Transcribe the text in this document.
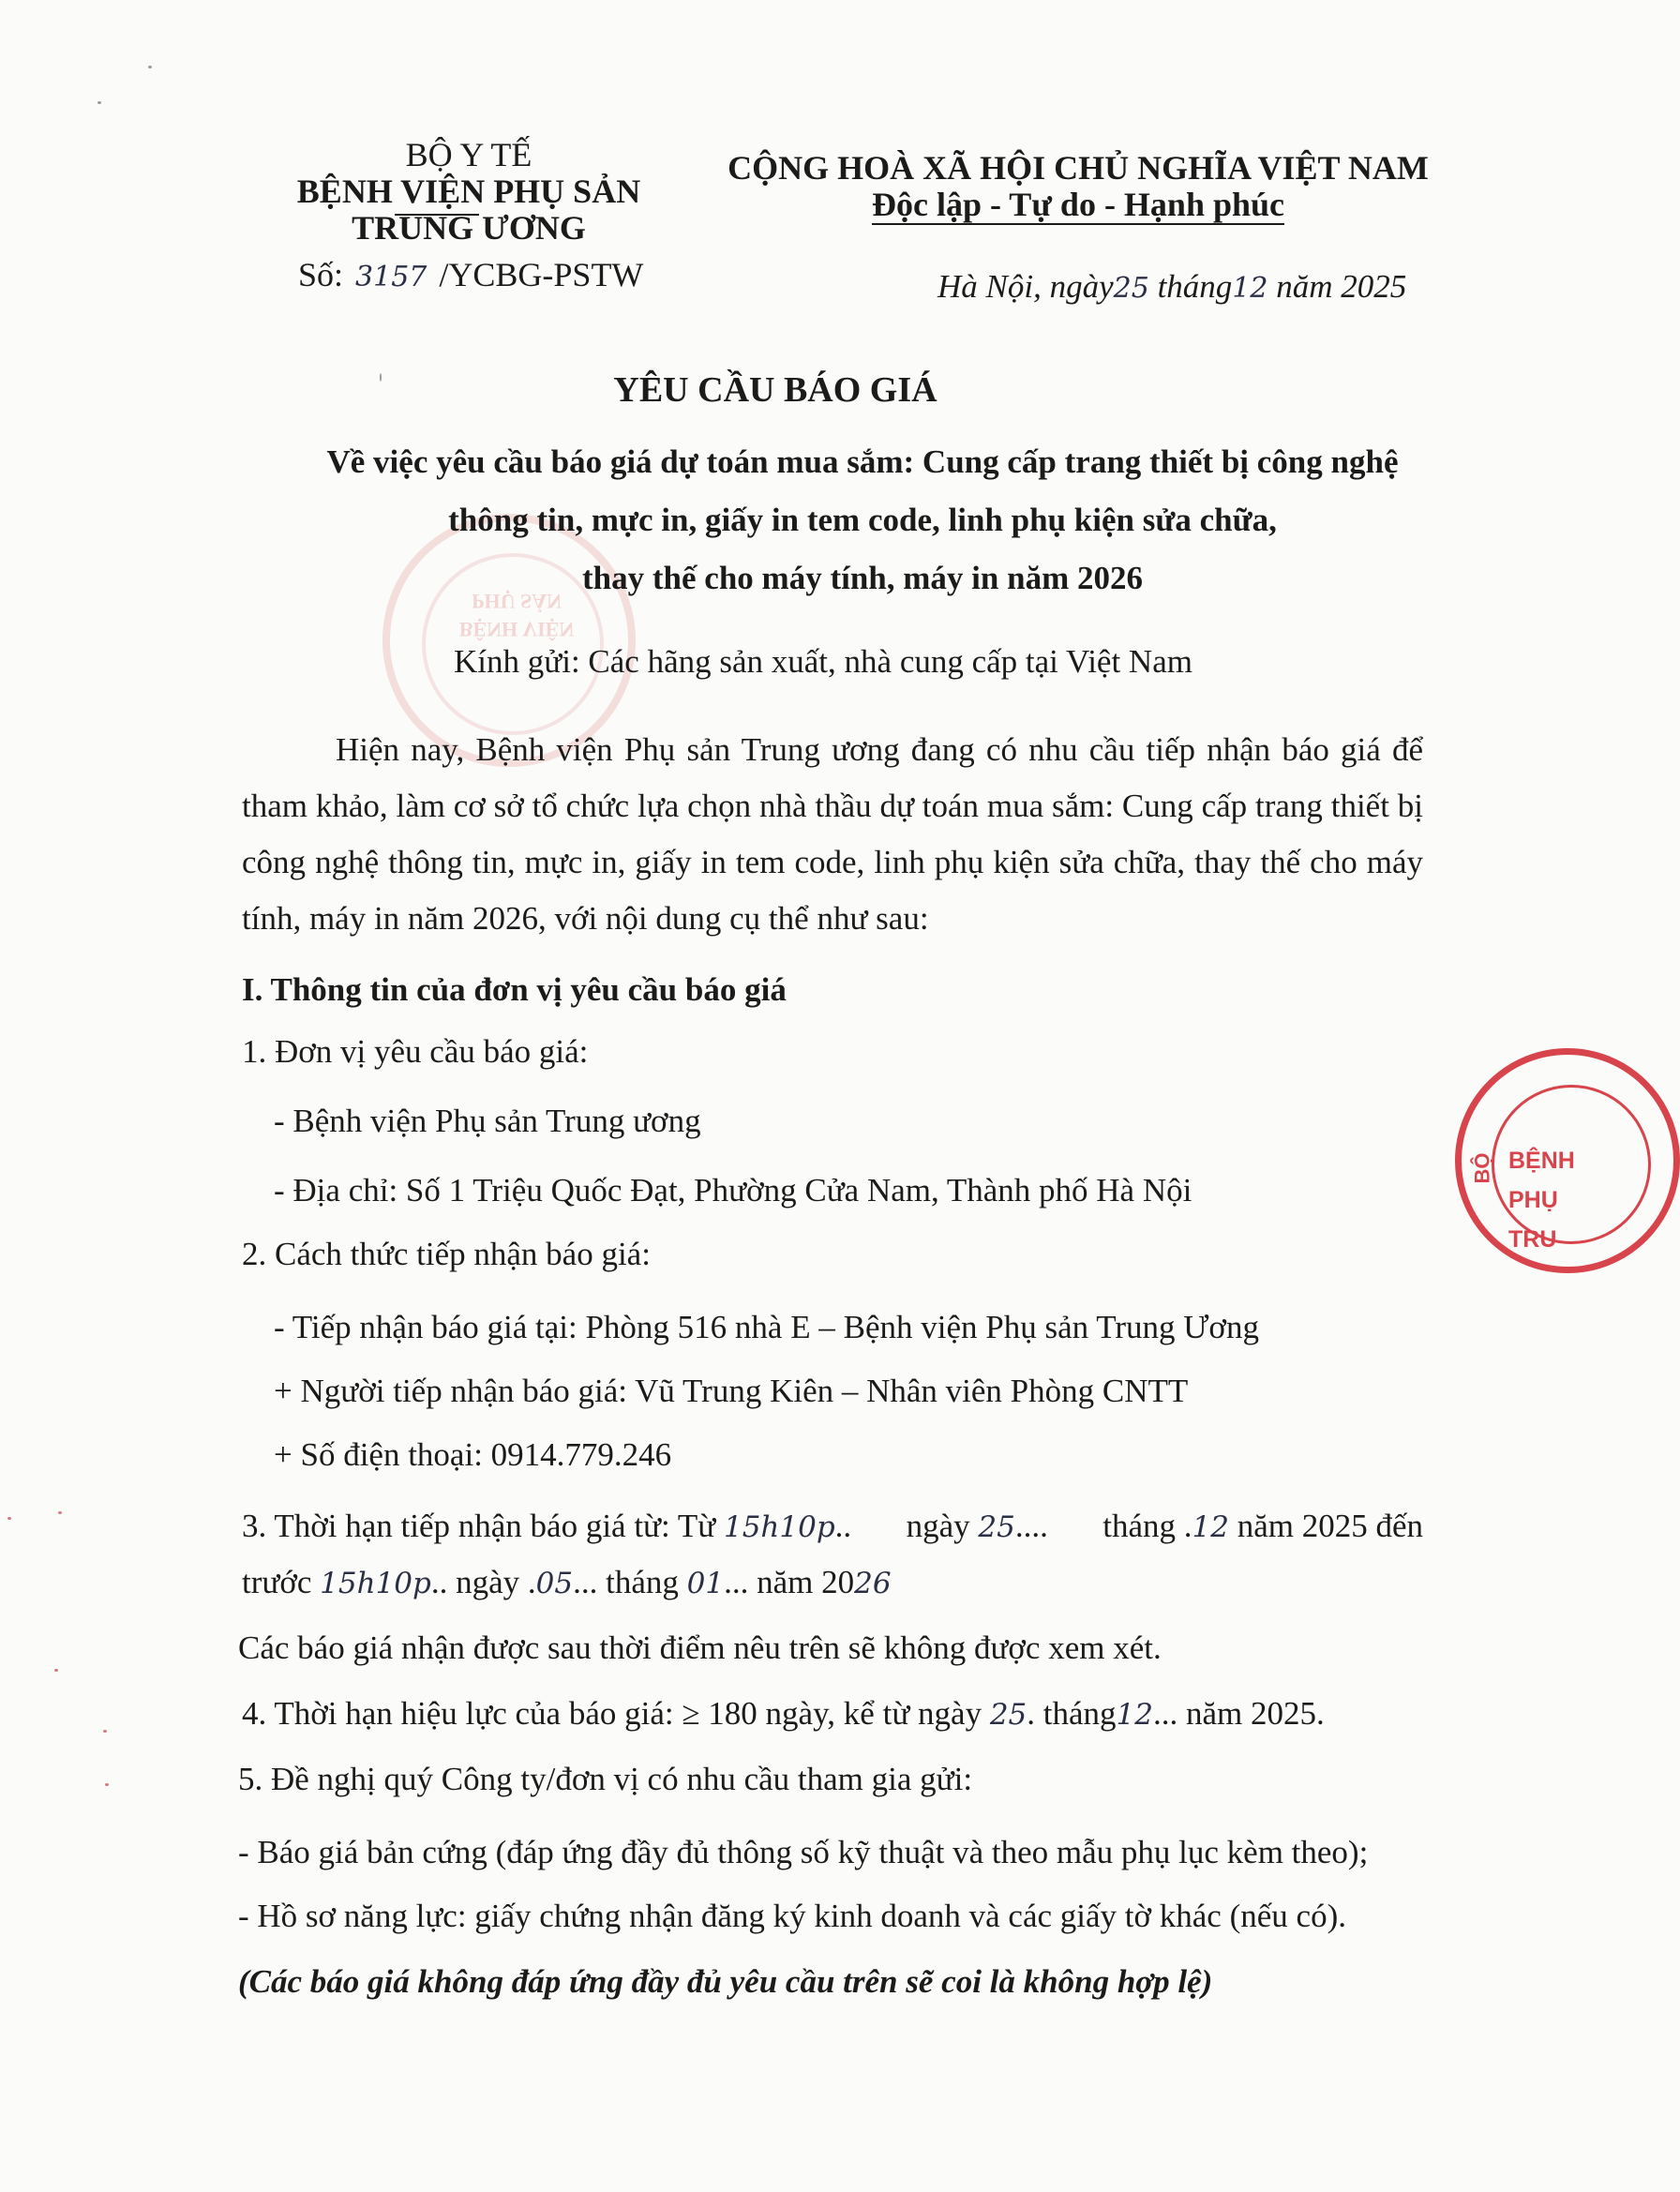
BỆNH VIỆN PHỤ SẢN
BỆNH PHỤ TRU
BỘ
BỘ Y TẾ
BỆNH VIỆN PHỤ SẢN
TRUNG ƯƠNG
Số: 3157 /YCBG-PSTW
CỘNG HOÀ XÃ HỘI CHỦ NGHĨA VIỆT NAM
Độc lập - Tự do - Hạnh phúc
Hà Nội, ngày25 tháng12 năm 2025
YÊU CẦU BÁO GIÁ
Về việc yêu cầu báo giá dự toán mua sắm: Cung cấp trang thiết bị công nghệ
thông tin, mực in, giấy in tem code, linh phụ kiện sửa chữa,
thay thế cho máy tính, máy in năm 2026
Kính gửi: Các hãng sản xuất, nhà cung cấp tại Việt Nam
Hiện nay, Bệnh viện Phụ sản Trung ương đang có nhu cầu tiếp nhận báo giá để tham khảo, làm cơ sở tổ chức lựa chọn nhà thầu dự toán mua sắm: Cung cấp trang thiết bị công nghệ thông tin, mực in, giấy in tem code, linh phụ kiện sửa chữa, thay thế cho máy tính, máy in năm 2026, với nội dung cụ thể như sau:
I. Thông tin của đơn vị yêu cầu báo giá
1. Đơn vị yêu cầu báo giá:
- Bệnh viện Phụ sản Trung ương
- Địa chỉ: Số 1 Triệu Quốc Đạt, Phường Cửa Nam, Thành phố Hà Nội
2. Cách thức tiếp nhận báo giá:
- Tiếp nhận báo giá tại: Phòng 516 nhà E – Bệnh viện Phụ sản Trung Ương
+ Người tiếp nhận báo giá: Vũ Trung Kiên – Nhân viên Phòng CNTT
+ Số điện thoại: 0914.779.246
3. Thời hạn tiếp nhận báo giá từ: Từ 15h10p.. ngày 25.... tháng .12 năm 2025 đến
trước 15h10p.. ngày .05... tháng 01... năm 2026
Các báo giá nhận được sau thời điểm nêu trên sẽ không được xem xét.
4. Thời hạn hiệu lực của báo giá: ≥ 180 ngày, kể từ ngày 25. tháng12... năm 2025.
5. Đề nghị quý Công ty/đơn vị có nhu cầu tham gia gửi:
- Báo giá bản cứng (đáp ứng đầy đủ thông số kỹ thuật và theo mẫu phụ lục kèm theo);
- Hồ sơ năng lực: giấy chứng nhận đăng ký kinh doanh và các giấy tờ khác (nếu có).
(Các báo giá không đáp ứng đầy đủ yêu cầu trên sẽ coi là không hợp lệ)
